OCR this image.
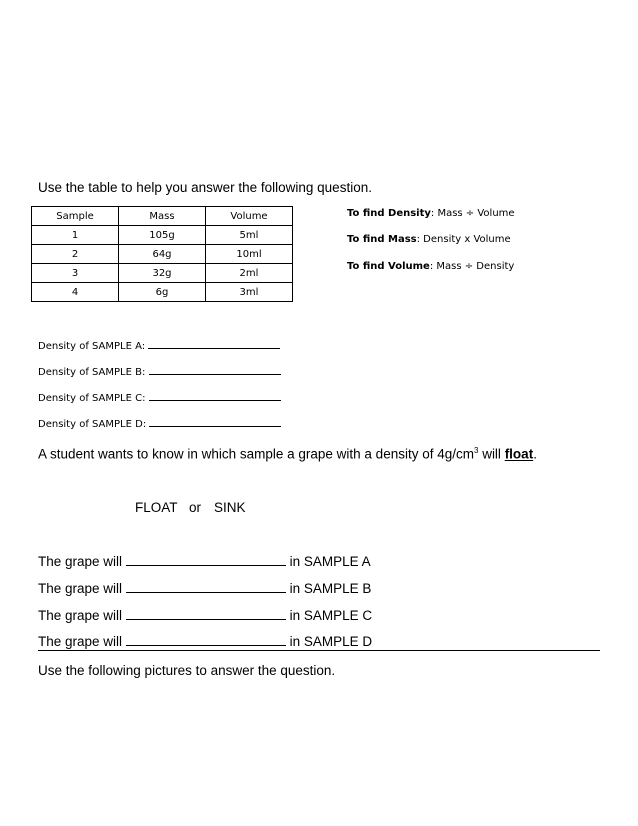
Use the table to help you answer the following question.
Sample	Mass	Volume
1	105g	5ml
2	64g	10ml
3	32g	2ml
4	6g	3ml
To find Density: Mass ÷ Volume
To find Mass: Density x Volume
To find Volume: Mass ÷ Density
Density of SAMPLE A:
Density of SAMPLE B:
Density of SAMPLE C:
Density of SAMPLE D:
A student wants to know in which sample a grape with a density of $4g/cm^3$ will float.
FLOAT or SINK
The grape will	in SAMPLE A
The grape will	in SAMPLE B
The grape will	in SAMPLE C
The grape will	in SAMPLE D
Use the following pictures to answer the question.
